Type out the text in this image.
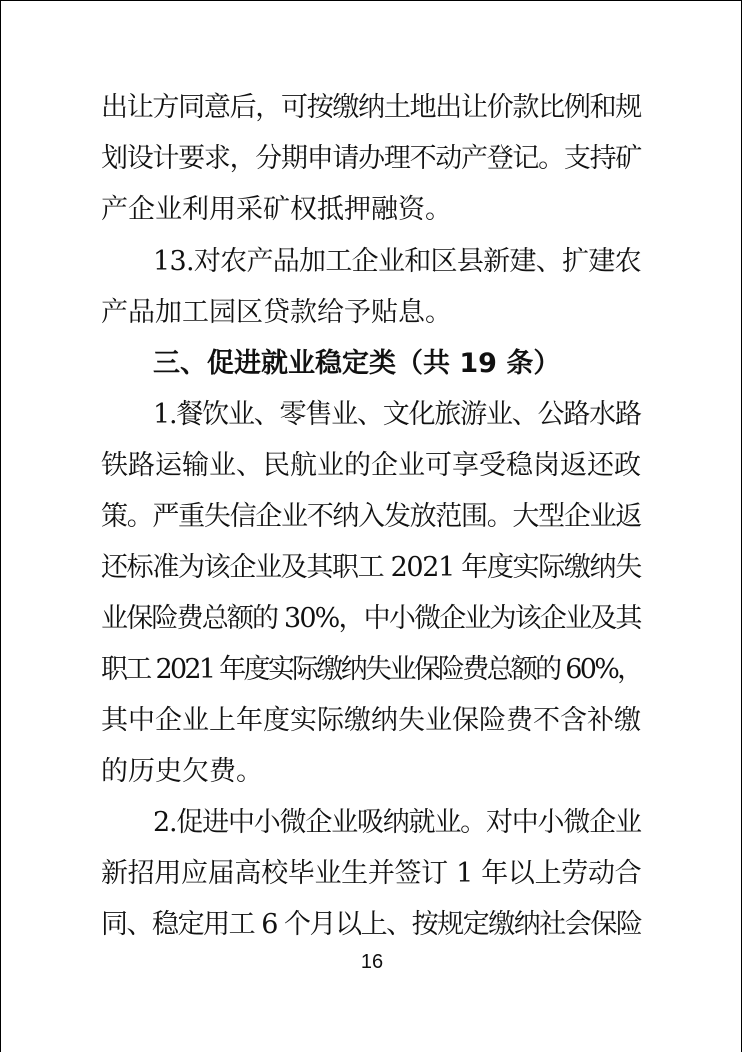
出让方同意后，可按缴纳土地出让价款比例和规
划设计要求，分期申请办理不动产登记。支持矿
产企业利用采矿权抵押融资。
13.对农产品加工企业和区县新建、扩建农
产品加工园区贷款给予贴息。
三、促进就业稳定类（共 19 条）
1.餐饮业、零售业、文化旅游业、公路水路
铁路运输业、民航业的企业可享受稳岗返还政
策。严重失信企业不纳入发放范围。大型企业返
还标准为该企业及其职工 2021 年度实际缴纳失
业保险费总额的 30%，中小微企业为该企业及其
职工 2021 年度实际缴纳失业保险费总额的 60%，
其中企业上年度实际缴纳失业保险费不含补缴
的历史欠费。
2.促进中小微企业吸纳就业。对中小微企业
新招用应届高校毕业生并签订 1 年以上劳动合
同、稳定用工 6 个月以上、按规定缴纳社会保险
16
